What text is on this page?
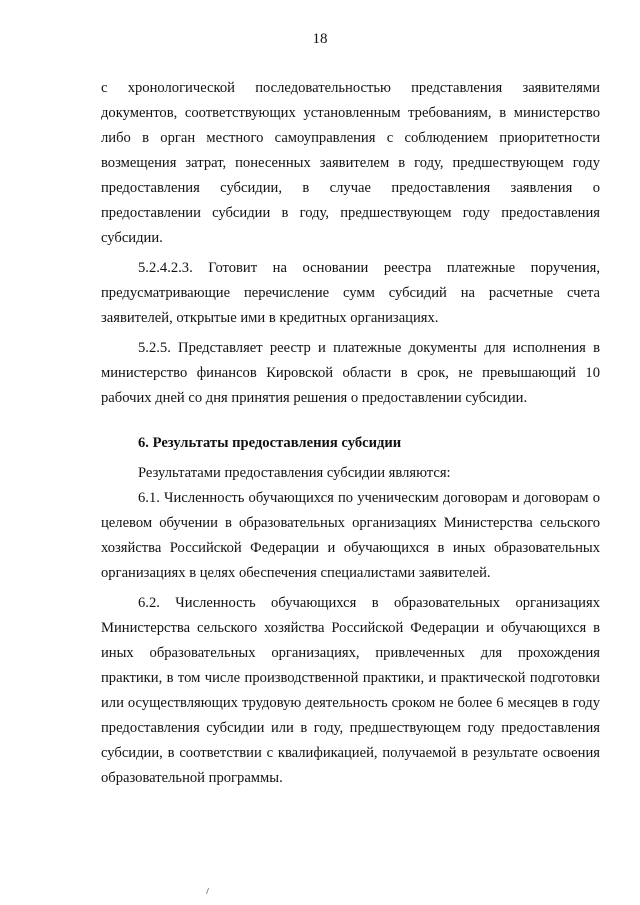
18

с хронологической последовательностью представления заявителями документов, соответствующих установленным требованиям, в министерство либо в орган местного самоуправления с соблюдением приоритетности возмещения затрат, понесенных заявителем в году, предшествующем году предоставления субсидии, в случае предоставления заявления о предоставлении субсидии в году, предшествующем году предоставления субсидии.

5.2.4.2.3. Готовит на основании реестра платежные поручения, предусматривающие перечисление сумм субсидий на расчетные счета заявителей, открытые ими в кредитных организациях.

5.2.5. Представляет реестр и платежные документы для исполнения в министерство финансов Кировской области в срок, не превышающий 10 рабочих дней со дня принятия решения о предоставлении субсидии.

6. Результаты предоставления субсидии

Результатами предоставления субсидии являются:

6.1. Численность обучающихся по ученическим договорам и договорам о целевом обучении в образовательных организациях Министерства сельского хозяйства Российской Федерации и обучающихся в иных образовательных организациях в целях обеспечения специалистами заявителей.

6.2. Численность обучающихся в образовательных организациях Министерства сельского хозяйства Российской Федерации и обучающихся в иных образовательных организациях, привлеченных для прохождения практики, в том числе производственной практики, и практической подготовки или осуществляющих трудовую деятельность сроком не более 6 месяцев в году предоставления субсидии или в году, предшествующем году предоставления субсидии, в соответствии с квалификацией, получаемой в результате освоения образовательной программы.
